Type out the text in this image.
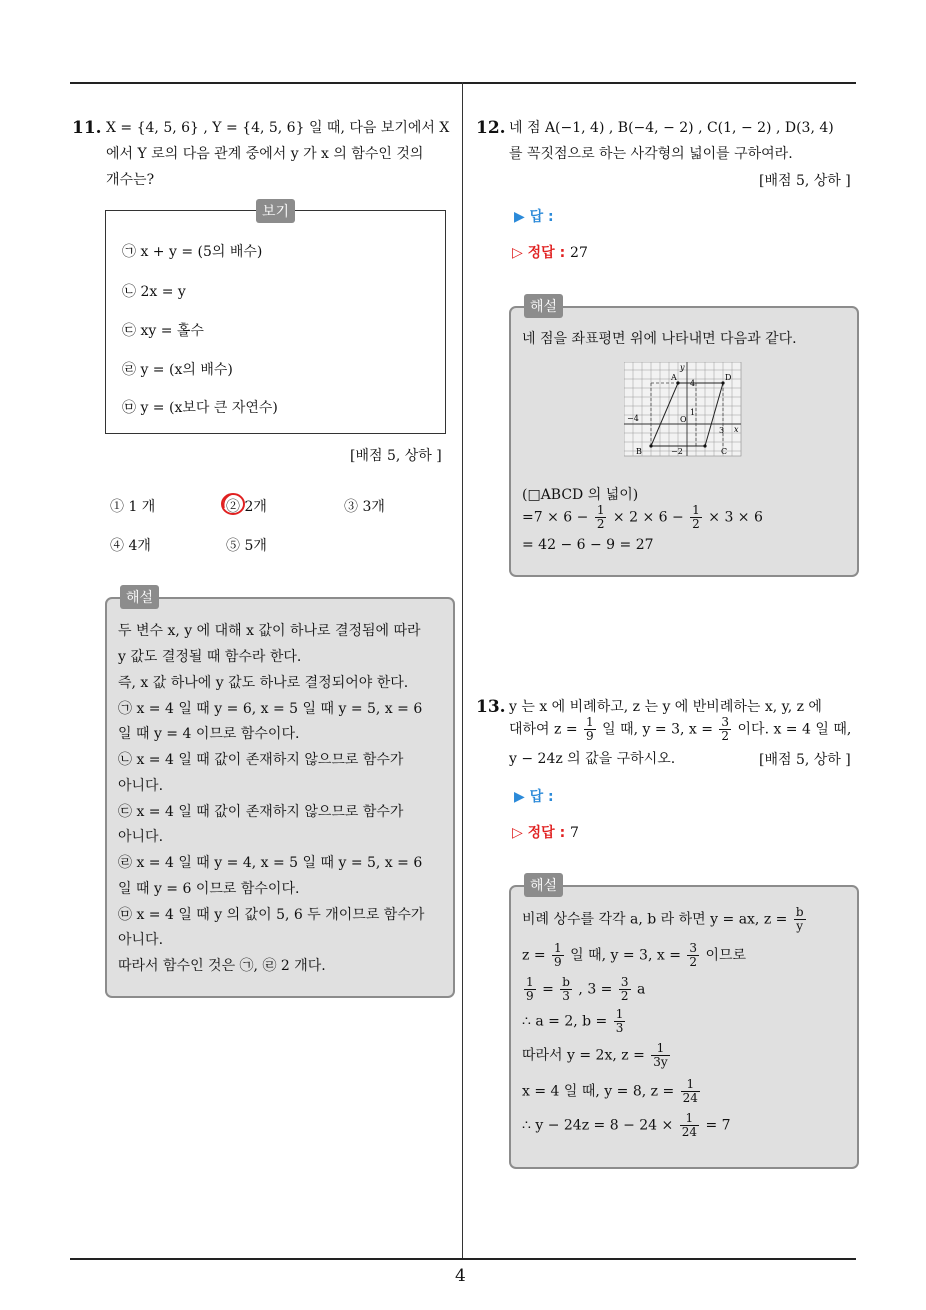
4
11. X = {4, 5, 6} , Y = {4, 5, 6} 일 때, 다음 보기에서 X
에서 Y 로의 다음 관계 중에서 y 가 x 의 함수인 것의
개수는?
보기
㉠ x + y = (5의 배수)
㉡ 2x = y
㉢ xy = 홀수
㉣ y = (x의 배수)
㉤ y = (x보다 큰 자연수)
[배점 5, 상하 ]
① 1 개	② 2개	③ 3개
④ 4개	⑤ 5개
해설
두 변수 x, y 에 대해 x 값이 하나로 결정됨에 따라
y 값도 결정될 때 함수라 한다.
즉, x 값 하나에 y 값도 하나로 결정되어야 한다.
㉠ x = 4 일 때 y = 6, x = 5 일 때 y = 5, x = 6
일 때 y = 4 이므로 함수이다.
㉡ x = 4 일 때 값이 존재하지 않으므로 함수가
아니다.
㉢ x = 4 일 때 값이 존재하지 않으므로 함수가
아니다.
㉣ x = 4 일 때 y = 4, x = 5 일 때 y = 5, x = 6
일 때 y = 6 이므로 함수이다.
㉤ x = 4 일 때 y 의 값이 5, 6 두 개이므로 함수가
아니다.
따라서 함수인 것은 ㉠, ㉣ 2 개다.
12. 네 점 A(−1, 4) , B(−4, − 2) , C(1, − 2) , D(3, 4)
를 꼭짓점으로 하는 사각형의 넓이를 구하여라.
[배점 5, 상하 ]
▶ 답 :
▷ 정답 : 27
해설
네 점을 좌표평면 위에 나타내면 다음과 같다.
y
x
O
A	D
B	C
4
−4
1
−2
3
(□ABCD 의 넓이)
$=7 \times 6 - \frac{1}{2} \times 2 \times 6 - \frac{1}{2} \times 3 \times 6$
= 42 − 6 − 9 = 27
13. y 는 x 에 비례하고, z 는 y 에 반비례하는 x, y, z 에
대하여 $z = \frac{1}{9}$ 일 때, y = 3, $x = \frac{3}{2}$ 이다. x = 4 일 때,
y − 24z 의 값을 구하시오.	[배점 5, 상하 ]
▶ 답 :
▷ 정답 : 7
해설
비례 상수를 각각 a, b 라 하면 y = ax, $z = \frac{b}{y}$
$z = \frac{1}{9}$ 일 때, y = 3, $x = \frac{3}{2}$ 이므로
$\frac{1}{9} = \frac{b}{3}$ , $3 = \frac{3}{2}$ a
∴ a = 2, $b = \frac{1}{3}$
따라서 y = 2x, $z = \frac{1}{3y}$
x = 4 일 때, y = 8, $z = \frac{1}{24}$
∴ $y - 24z = 8 - 24 \times \frac{1}{24} = 7$
